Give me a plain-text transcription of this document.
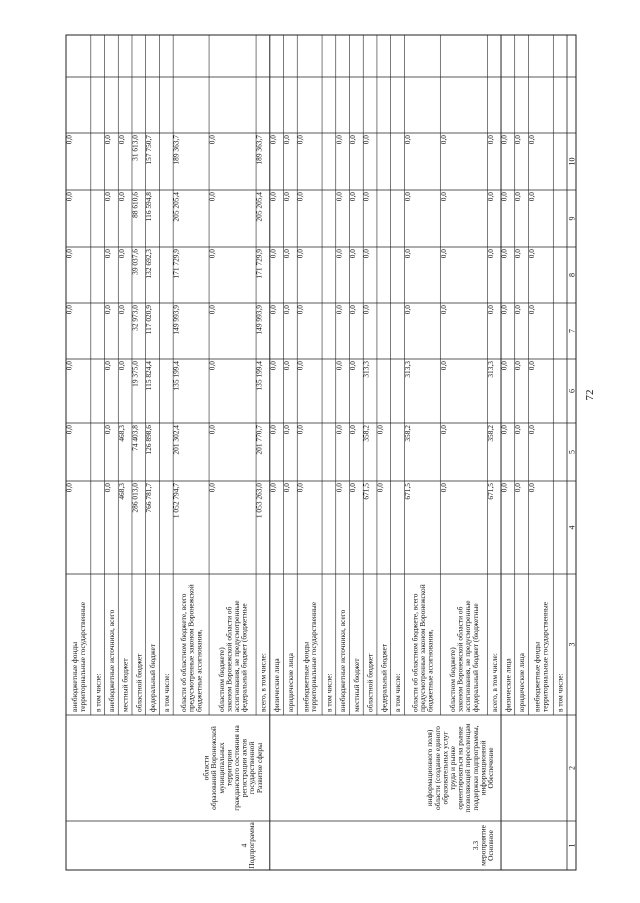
72
1
2
3
4
5
6
7
8
9
10
в том числе:
территориальные государственные
внебюджетные фонды
0,0
0,0
0,0
0,0
0,0
0,0
0,0
юридические лица
0,0
0,0
0,0
0,0
0,0
0,0
0,0
физические лица
0,0
0,0
0,0
0,0
0,0
0,0
0,0
Основное
мероприятие
3.3
Обеспечение
информационной
поддержки подпрограммы,
позволяющей переселенцам
ориентироваться на рынке
труда и рынке
образовательных услуг
области (создание единого
информационного поля)
всего, в том числе:
671,5
358,2
313,3
0,0
0,0
0,0
0,0
федеральный бюджет (бюджетные
ассигнования, не предусмотренные
законом Воронежской области об
областном бюджете)
0,0
0,0
0,0
0,0
0,0
0,0
0,0
бюджетные ассигнования,
предусмотренные законом Воронежской
области об областном бюджете, всего
671,5
358,2
313,3
0,0
0,0
0,0
0,0
в том числе:
федеральный бюджет
0,0
0,0
областной бюджет
671,5
358,2
313,3
0,0
0,0
0,0
0,0
местный бюджет
0,0
0,0
0,0
0,0
0,0
0,0
0,0
внебюджетные источники, всего
0,0
0,0
0,0
0,0
0,0
0,0
0,0
в том числе:
территориальные государственные
внебюджетные фонды
0,0
0,0
0,0
0,0
0,0
0,0
0,0
юридические лица
0,0
0,0
0,0
0,0
0,0
0,0
0,0
физические лица
0,0
0,0
0,0
0,0
0,0
0,0
0,0
Подпрограмма
4
Развитие сферы
государственной
регистрации актов
гражданского состояния на
территории
муниципальных
образований Воронежской
области
всего, в том числе:
1 053 263,0
201 770,7
135 199,4
149 993,9
171 729,9
205 205,4
189 363,7
федеральный бюджет (бюджетные
ассигнования, не предусмотренные
законом Воронежской области об
областном бюджете)
0,0
0,0
0,0
0,0
0,0
0,0
0,0
бюджетные ассигнования,
предусмотренные законом Воронежской
области об областном бюджете, всего
1 052 794,7
201 302,4
135 199,4
149 993,9
171 729,9
205 205,4
189 363,7
в том числе:
федеральный бюджет
766 781,7
126 898,6
115 824,4
117 020,9
132 692,3
116 594,8
157 750,7
областной бюджет
286 013,0
74 403,8
19 375,0
32 973,0
39 037,6
88 610,6
31 613,0
местный бюджет
468,3
468,3
0,0
0,0
0,0
0,0
0,0
внебюджетные источники, всего
0,0
0,0
0,0
0,0
0,0
0,0
0,0
в том числе:
территориальные государственные
внебюджетные фонды
0,0
0,0
0,0
0,0
0,0
0,0
0,0
